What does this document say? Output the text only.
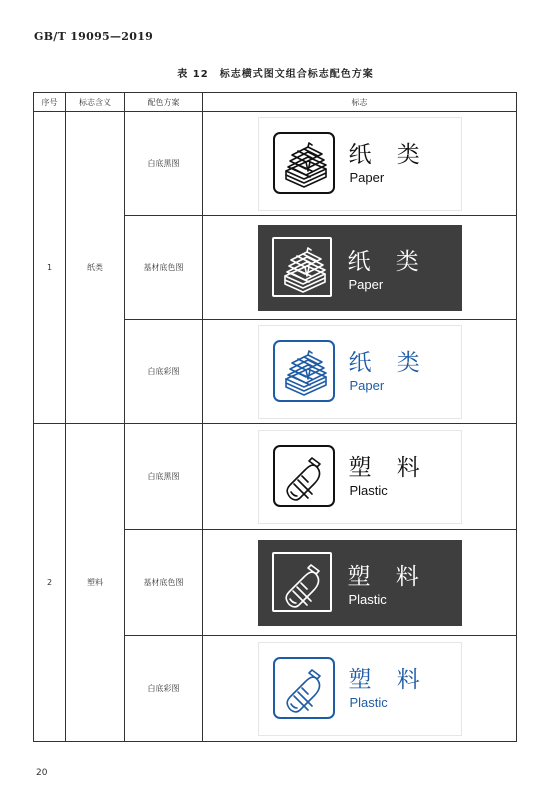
GB/T 19095—2019
表 12　标志横式图文组合标志配色方案
序号	标志含义	配色方案	标志
1	纸类	白底黑图	纸 类
Paper

		基材底色图	纸 类
Paper

		白底彩图	纸 类
Paper

2	塑料	白底黑图	塑 料
Plastic

		基材底色图	塑 料
Plastic

		白底彩图	塑 料
Plastic
20
